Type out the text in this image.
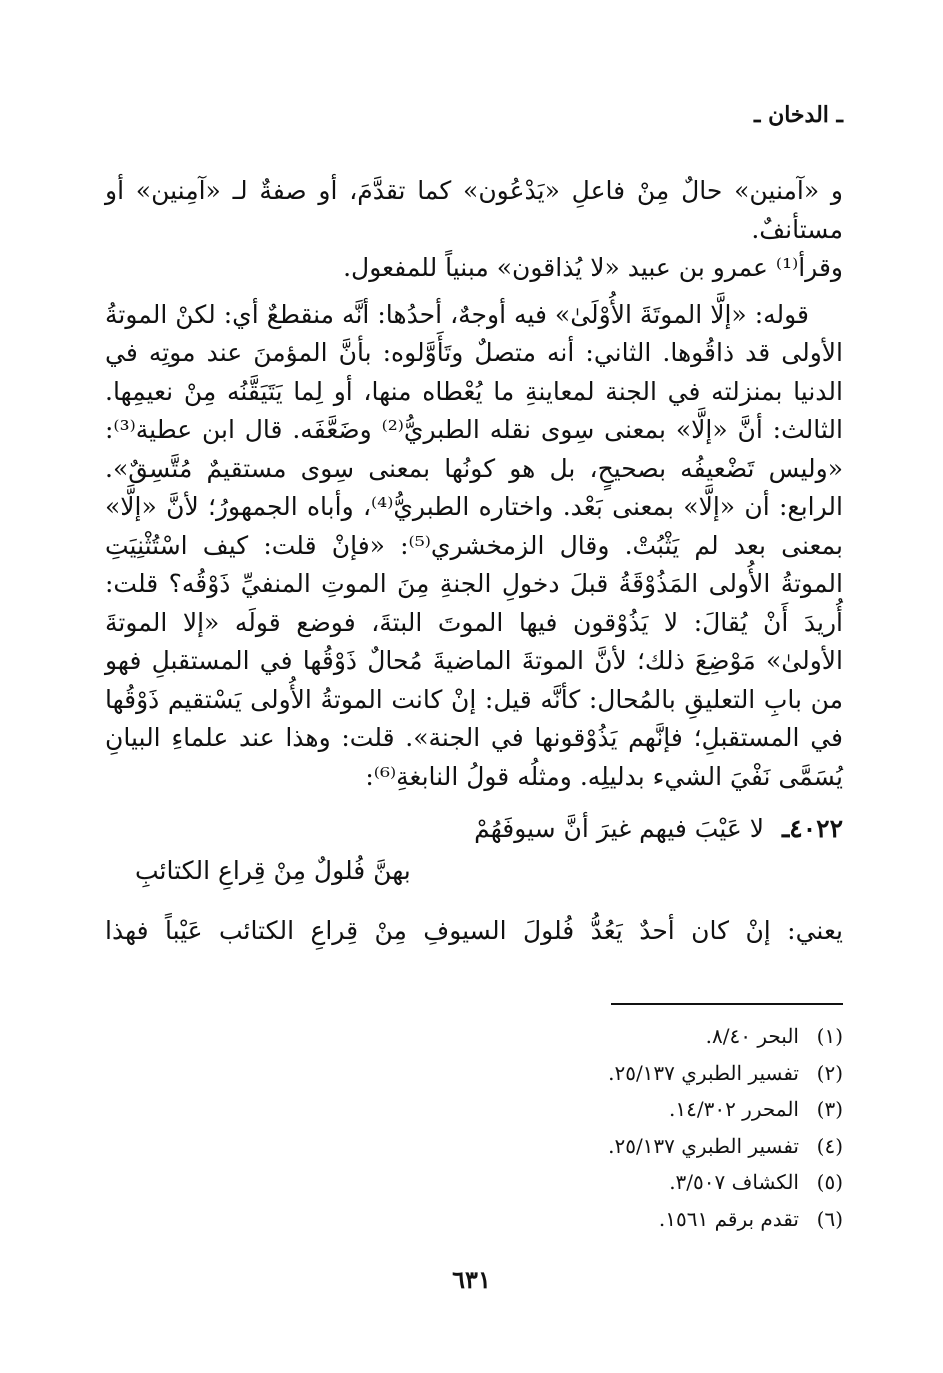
ـ الدخان ـ

و «آمنين» حالٌ مِنْ فاعلِ «يَدْعُون» كما تقدَّمَ، أو صفةٌ لـ «آمِنين» أو مستأنفٌ.

وقرأ⁽¹⁾ عمرو بن عبيد «لا يُذاقون» مبنياً للمفعول.

قوله: «إلَّا الموتَةَ الأُوْلَىٰ» فيه أوجهٌ، أحدُها: أنَّه منقطعٌ أي: لكنْ الموتةُ الأولى قد ذاقُوها. الثاني: أنه متصلٌ وتَأَوَّلوه: بأنَّ المؤمنَ عند موتِه في الدنيا بمنزلته في الجنة لمعاينةِ ما يُعْطاه منها، أو لِما يَتَيَقَّنُه مِنْ نعيمِها. الثالث: أنَّ «إلَّا» بمعنى سِوى نقله الطبريُّ⁽²⁾ وضَعَّفَه. قال ابن عطية⁽³⁾: «وليس تَضْعيفُه بصحيحٍ، بل هو كونُها بمعنى سِوى مستقيمٌ مُتَّسِقٌ». الرابع: أن «إلَّا» بمعنى بَعْد. واختاره الطبريُّ⁽⁴⁾، وأباه الجمهورُ؛ لأنَّ «إلَّا» بمعنى بعد لم يَثْبُتْ. وقال الزمخشري⁽⁵⁾: «فإنْ قلت: كيف اسْتُثْنِيَتِ الموتةُ الأُولى المَذُوْقَةُ قبلَ دخولِ الجنةِ مِنَ الموتِ المنفيِّ ذَوْقُه؟ قلت: أُريدَ أَنْ يُقالَ: لا يَذُوْقون فيها الموتَ البتةَ، فوضع قولَه «إلا الموتةَ الأولىٰ» مَوْضِعَ ذلك؛ لأنَّ الموتةَ الماضيةَ مُحالٌ ذَوْقُها في المستقبلِ فهو من بابِ التعليقِ بالمُحال: كأنَّه قيل: إنْ كانت الموتةُ الأُولى يَسْتقيم ذَوْقُها في المستقبلِ؛ فإنَّهم يَذُوْقونها في الجنة». قلت: وهذا عند علماءِ البيانِ يُسَمَّى نَفْيَ الشيء بدليلِه. ومثلُه قولُ النابغةِ⁽⁶⁾:

٤٠٢٢ـ لا عَيْبَ فيهم غيرَ أنَّ سيوفَهُمْ
بهنَّ فُلولٌ مِنْ قِراعِ الكتائبِ
يعني: إنْ كان أحدٌ يَعُدُّ فُلولَ السيوفِ مِنْ قِراعِ الكتائب عَيْباً فهذا
(١)البحر ٨/٤٠.
(٢)تفسير الطبري ٢٥/١٣٧.
(٣)المحرر ١٤/٣٠٢.
(٤)تفسير الطبري ٢٥/١٣٧.
(٥)الكشاف ٣/٥٠٧.
(٦)تقدم برقم ١٥٦١.
٦٣١
